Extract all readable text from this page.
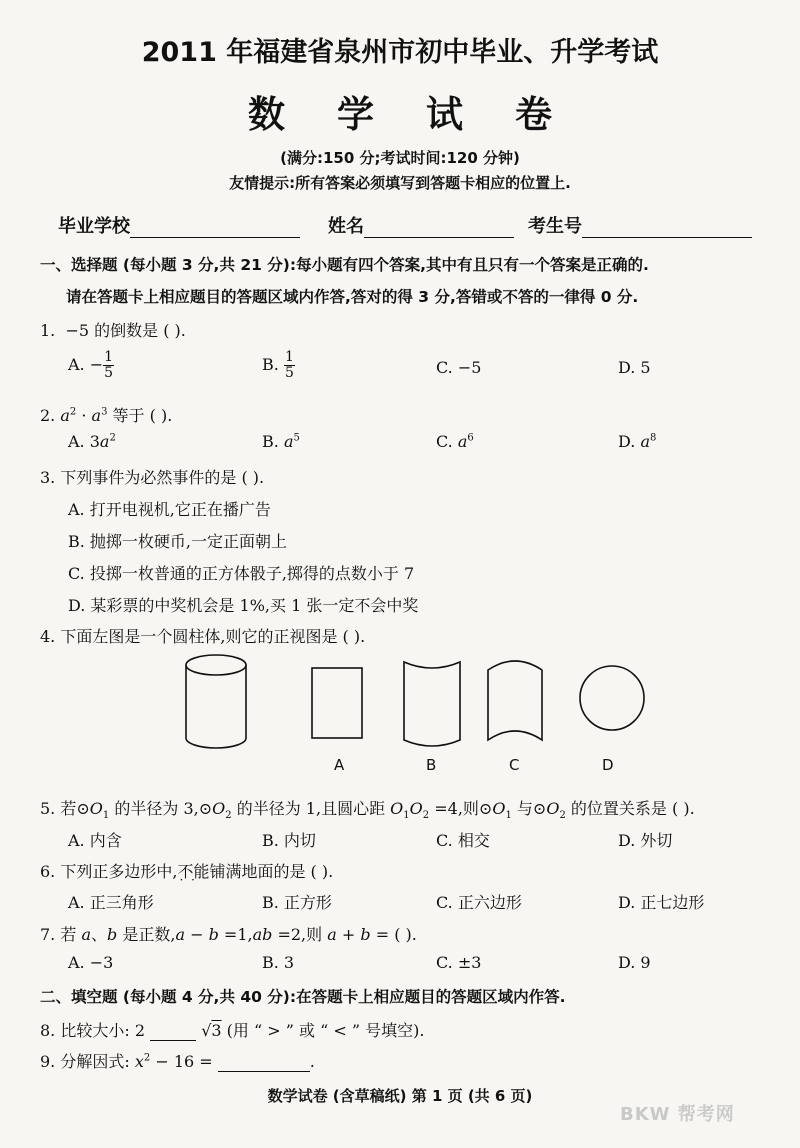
2011 年福建省泉州市初中毕业、升学考试
数学试卷
(满分:150 分;考试时间:120 分钟)
友情提示:所有答案必须填写到答题卡相应的位置上.
毕业学校	姓名	考生号
一、选择题 (每小题 3 分,共 21 分):每小题有四个答案,其中有且只有一个答案是正确的.
请在答题卡上相应题目的答题区域内作答,答对的得 3 分,答错或不答的一律得 0 分.
1. −5 的倒数是 ( ).
A. − $\frac{1}{5}$	B. $\frac{1}{5}$	C. −5	D. 5
2. $a^2 \cdot a^3$ 等于 ( ).
A. $3a^2$	B. $a^5$	C. $a^6$	D. $a^8$
3. 下列事件为必然事件的是 ( ).
A. 打开电视机,它正在播广告
B. 抛掷一枚硬币,一定正面朝上
C. 投掷一枚普通的正方体骰子,掷得的点数小于 7
D. 某彩票的中奖机会是 1%,买 1 张一定不会中奖
4. 下面左图是一个圆柱体,则它的正视图是 ( ).
A	B	C	D
5. 若$⊙O_1$ 的半径为 $3,⊙O_2$ 的半径为 1,且圆心距 $O_1O_2 =4$,则$⊙O_1$ 与$⊙O_2$ 的位置关系是 ( ).
A. 内含	B. 内切	C. 相交	D. 外切
6. 下列正多边形中,不能 · ·铺满地面的是 ( ).
A. 正三角形	B. 正方形	C. 正六边形	D. 正七边形
7. 若 a、b 是正数,a − b =1,ab =2,则 a + b = ( ).
A. −3	B. 3	C. ±3	D. 9
二、填空题 (每小题 4 分,共 40 分):在答题卡上相应题目的答题区域内作答.
8. 比较大小: 2	√3 (用 “ > ” 或 “ < ” 号填空).
9. 分解因式: $x^2 - 16$ =	.
数学试卷 (含草稿纸) 第 1 页 (共 6 页)
BKW 帮考网
